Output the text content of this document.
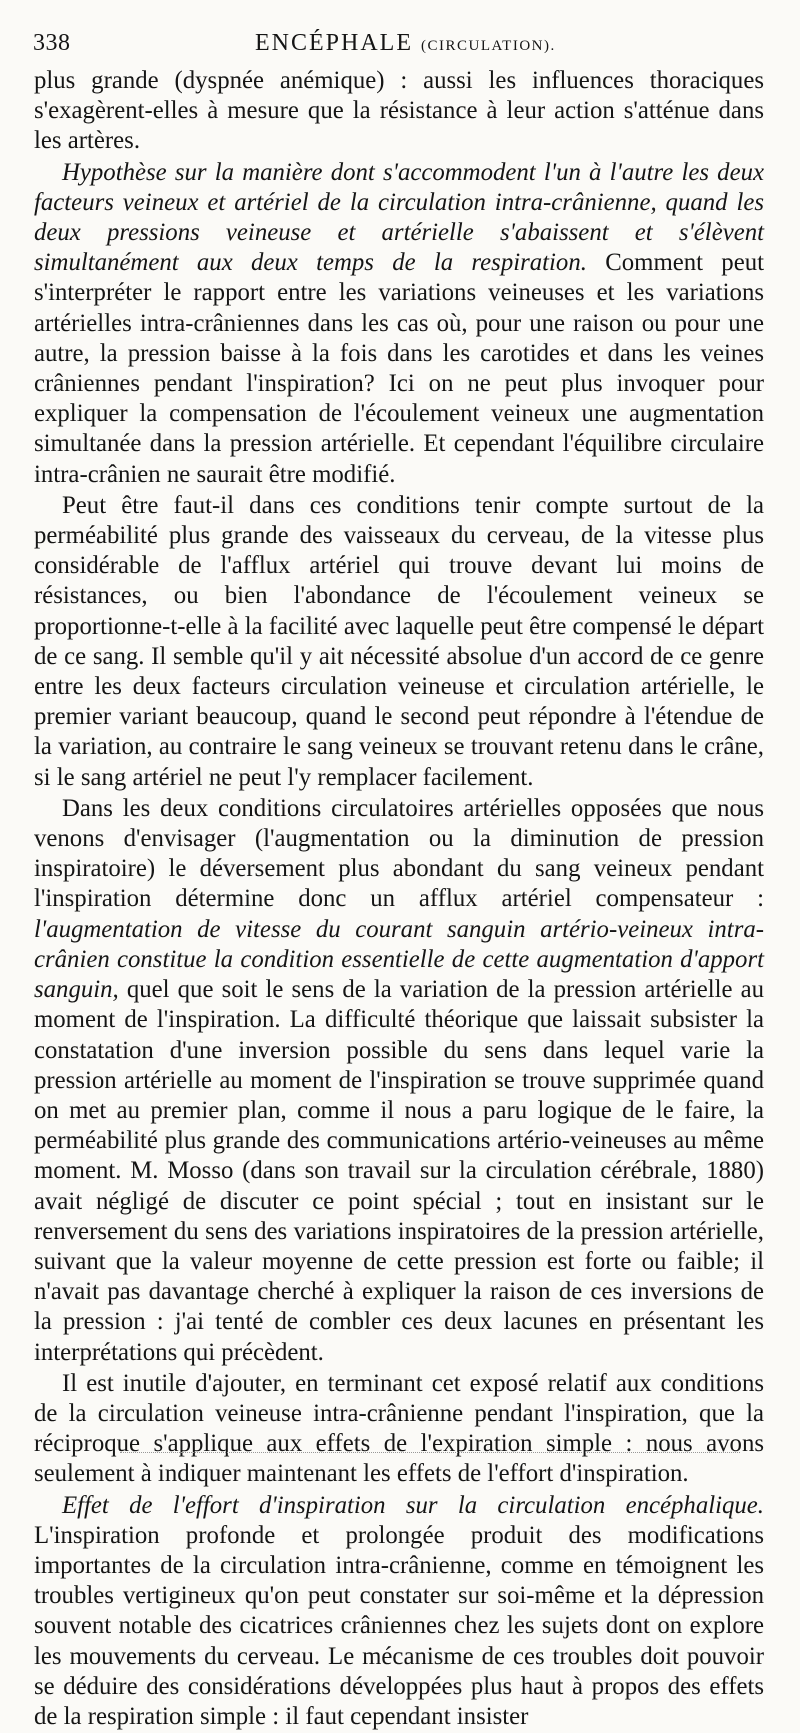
338	ENCÉPHALE (CIRCULATION).

plus grande (dyspnée anémique) : aussi les influences thoraciques s'exagèrent-elles à mesure que la résistance à leur action s'atténue dans les artères.

Hypothèse sur la manière dont s'accommodent l'un à l'autre les deux facteurs veineux et artériel de la circulation intra-crânienne, quand les deux pressions veineuse et artérielle s'abaissent et s'élèvent simultanément aux deux temps de la respiration. Comment peut s'interpréter le rapport entre les variations veineuses et les variations artérielles intra-crâniennes dans les cas où, pour une raison ou pour une autre, la pression baisse à la fois dans les carotides et dans les veines crâniennes pendant l'inspiration? Ici on ne peut plus invoquer pour expliquer la compensation de l'écoulement veineux une augmentation simultanée dans la pression artérielle. Et cependant l'équilibre circulaire intra-crânien ne saurait être modifié.

Peut être faut-il dans ces conditions tenir compte surtout de la perméabilité plus grande des vaisseaux du cerveau, de la vitesse plus considérable de l'afflux artériel qui trouve devant lui moins de résistances, ou bien l'abondance de l'écoulement veineux se proportionne-t-elle à la facilité avec laquelle peut être compensé le départ de ce sang. Il semble qu'il y ait nécessité absolue d'un accord de ce genre entre les deux facteurs circulation veineuse et circulation artérielle, le premier variant beaucoup, quand le second peut répondre à l'étendue de la variation, au contraire le sang veineux se trouvant retenu dans le crâne, si le sang artériel ne peut l'y remplacer facilement.

Dans les deux conditions circulatoires artérielles opposées que nous venons d'envisager (l'augmentation ou la diminution de pression inspiratoire) le déversement plus abondant du sang veineux pendant l'inspiration détermine donc un afflux artériel compensateur : l'augmentation de vitesse du courant sanguin artério-veineux intra-crânien constitue la condition essentielle de cette augmentation d'apport sanguin, quel que soit le sens de la variation de la pression artérielle au moment de l'inspiration. La difficulté théorique que laissait subsister la constatation d'une inversion possible du sens dans lequel varie la pression artérielle au moment de l'inspiration se trouve supprimée quand on met au premier plan, comme il nous a paru logique de le faire, la perméabilité plus grande des communications artério-veineuses au même moment. M. Mosso (dans son travail sur la circulation cérébrale, 1880) avait négligé de discuter ce point spécial ; tout en insistant sur le renversement du sens des variations inspiratoires de la pression artérielle, suivant que la valeur moyenne de cette pression est forte ou faible; il n'avait pas davantage cherché à expliquer la raison de ces inversions de la pression : j'ai tenté de combler ces deux lacunes en présentant les interprétations qui précèdent.

Il est inutile d'ajouter, en terminant cet exposé relatif aux conditions de la circulation veineuse intra-crânienne pendant l'inspiration, que la réciproque s'applique aux effets de l'expiration simple : nous avons seulement à indiquer maintenant les effets de l'effort d'inspiration.

Effet de l'effort d'inspiration sur la circulation encéphalique. L'inspiration profonde et prolongée produit des modifications importantes de la circulation intra-crânienne, comme en témoignent les troubles vertigineux qu'on peut constater sur soi-même et la dépression souvent notable des cicatrices crâniennes chez les sujets dont on explore les mouvements du cerveau. Le mécanisme de ces troubles doit pouvoir se déduire des considérations développées plus haut à propos des effets de la respiration simple : il faut cependant insister
